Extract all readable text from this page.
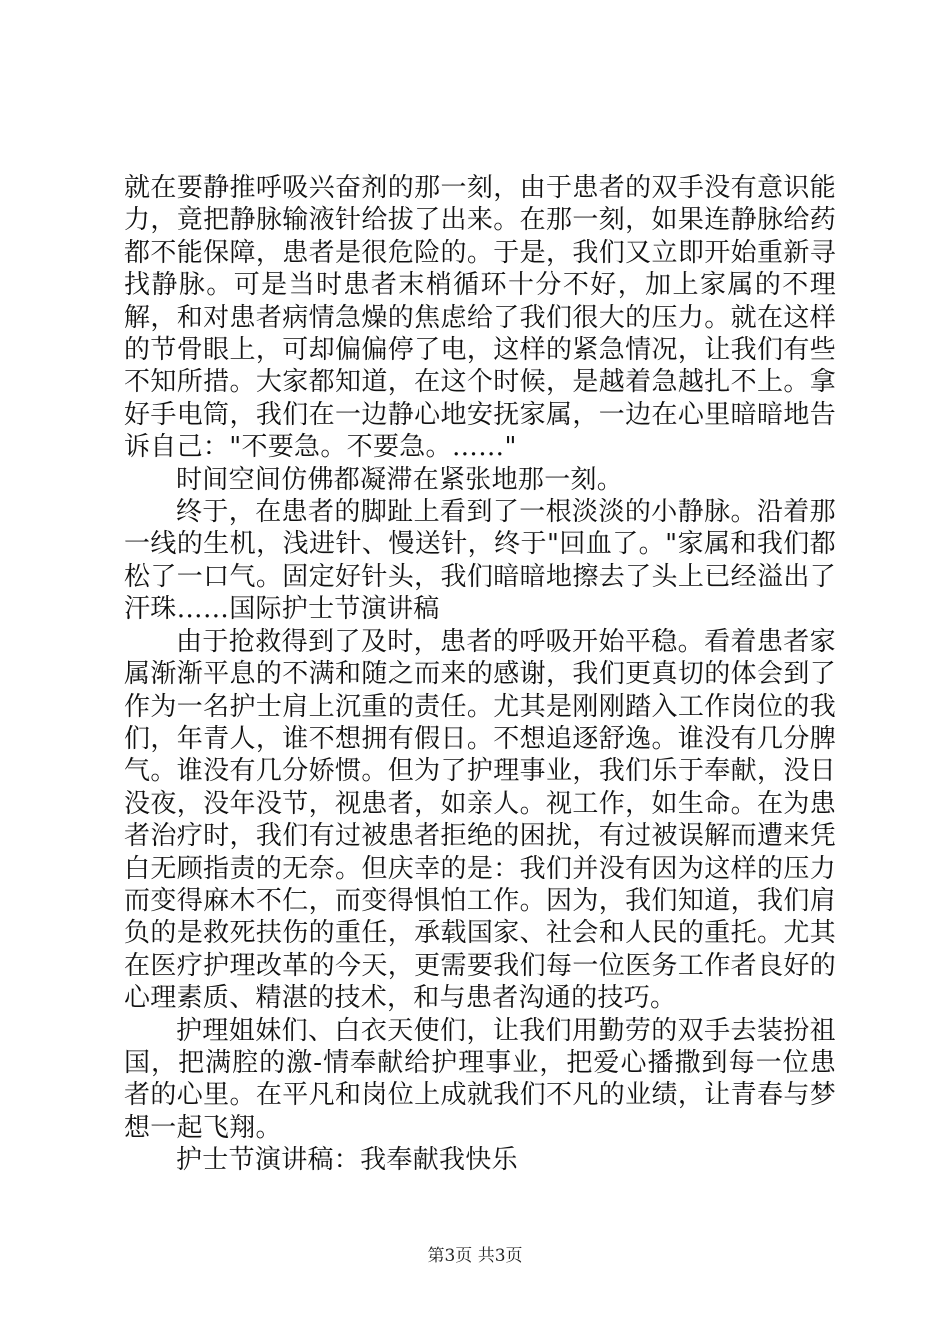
就在要静推呼吸兴奋剂的那一刻，由于患者的双手没有意识能力，竟把静脉输液针给拔了出来。在那一刻，如果连静脉给药都不能保障，患者是很危险的。于是，我们又立即开始重新寻找静脉。可是当时患者末梢循环十分不好，加上家属的不理解，和对患者病情急燥的焦虑给了我们很大的压力。就在这样的节骨眼上，可却偏偏停了电，这样的紧急情况，让我们有些不知所措。大家都知道，在这个时候，是越着急越扎不上。拿好手电筒，我们在一边静心地安抚家属，一边在心里暗暗地告诉自己："不要急。不要急。……"

时间空间仿佛都凝滞在紧张地那一刻。

终于，在患者的脚趾上看到了一根淡淡的小静脉。沿着那一线的生机，浅进针、慢送针，终于"回血了。"家属和我们都松了一口气。固定好针头，我们暗暗地擦去了头上已经溢出了汗珠……国际护士节演讲稿

由于抢救得到了及时，患者的呼吸开始平稳。看着患者家属渐渐平息的不满和随之而来的感谢，我们更真切的体会到了作为一名护士肩上沉重的责任。尤其是刚刚踏入工作岗位的我们，年青人，谁不想拥有假日。不想追逐舒逸。谁没有几分脾气。谁没有几分娇惯。但为了护理事业，我们乐于奉献，没日没夜，没年没节，视患者，如亲人。视工作，如生命。在为患者治疗时，我们有过被患者拒绝的困扰，有过被误解而遭来凭白无顾指责的无奈。但庆幸的是：我们并没有因为这样的压力而变得麻木不仁，而变得惧怕工作。因为，我们知道，我们肩负的是救死扶伤的重任，承载国家、社会和人民的重托。尤其在医疗护理改革的今天，更需要我们每一位医务工作者良好的心理素质、精湛的技术，和与患者沟通的技巧。

护理姐妹们、白衣天使们，让我们用勤劳的双手去装扮祖国，把满腔的激-情奉献给护理事业，把爱心播撒到每一位患者的心里。在平凡和岗位上成就我们不凡的业绩，让青春与梦想一起飞翔。

护士节演讲稿：我奉献我快乐

第3页 共3页
